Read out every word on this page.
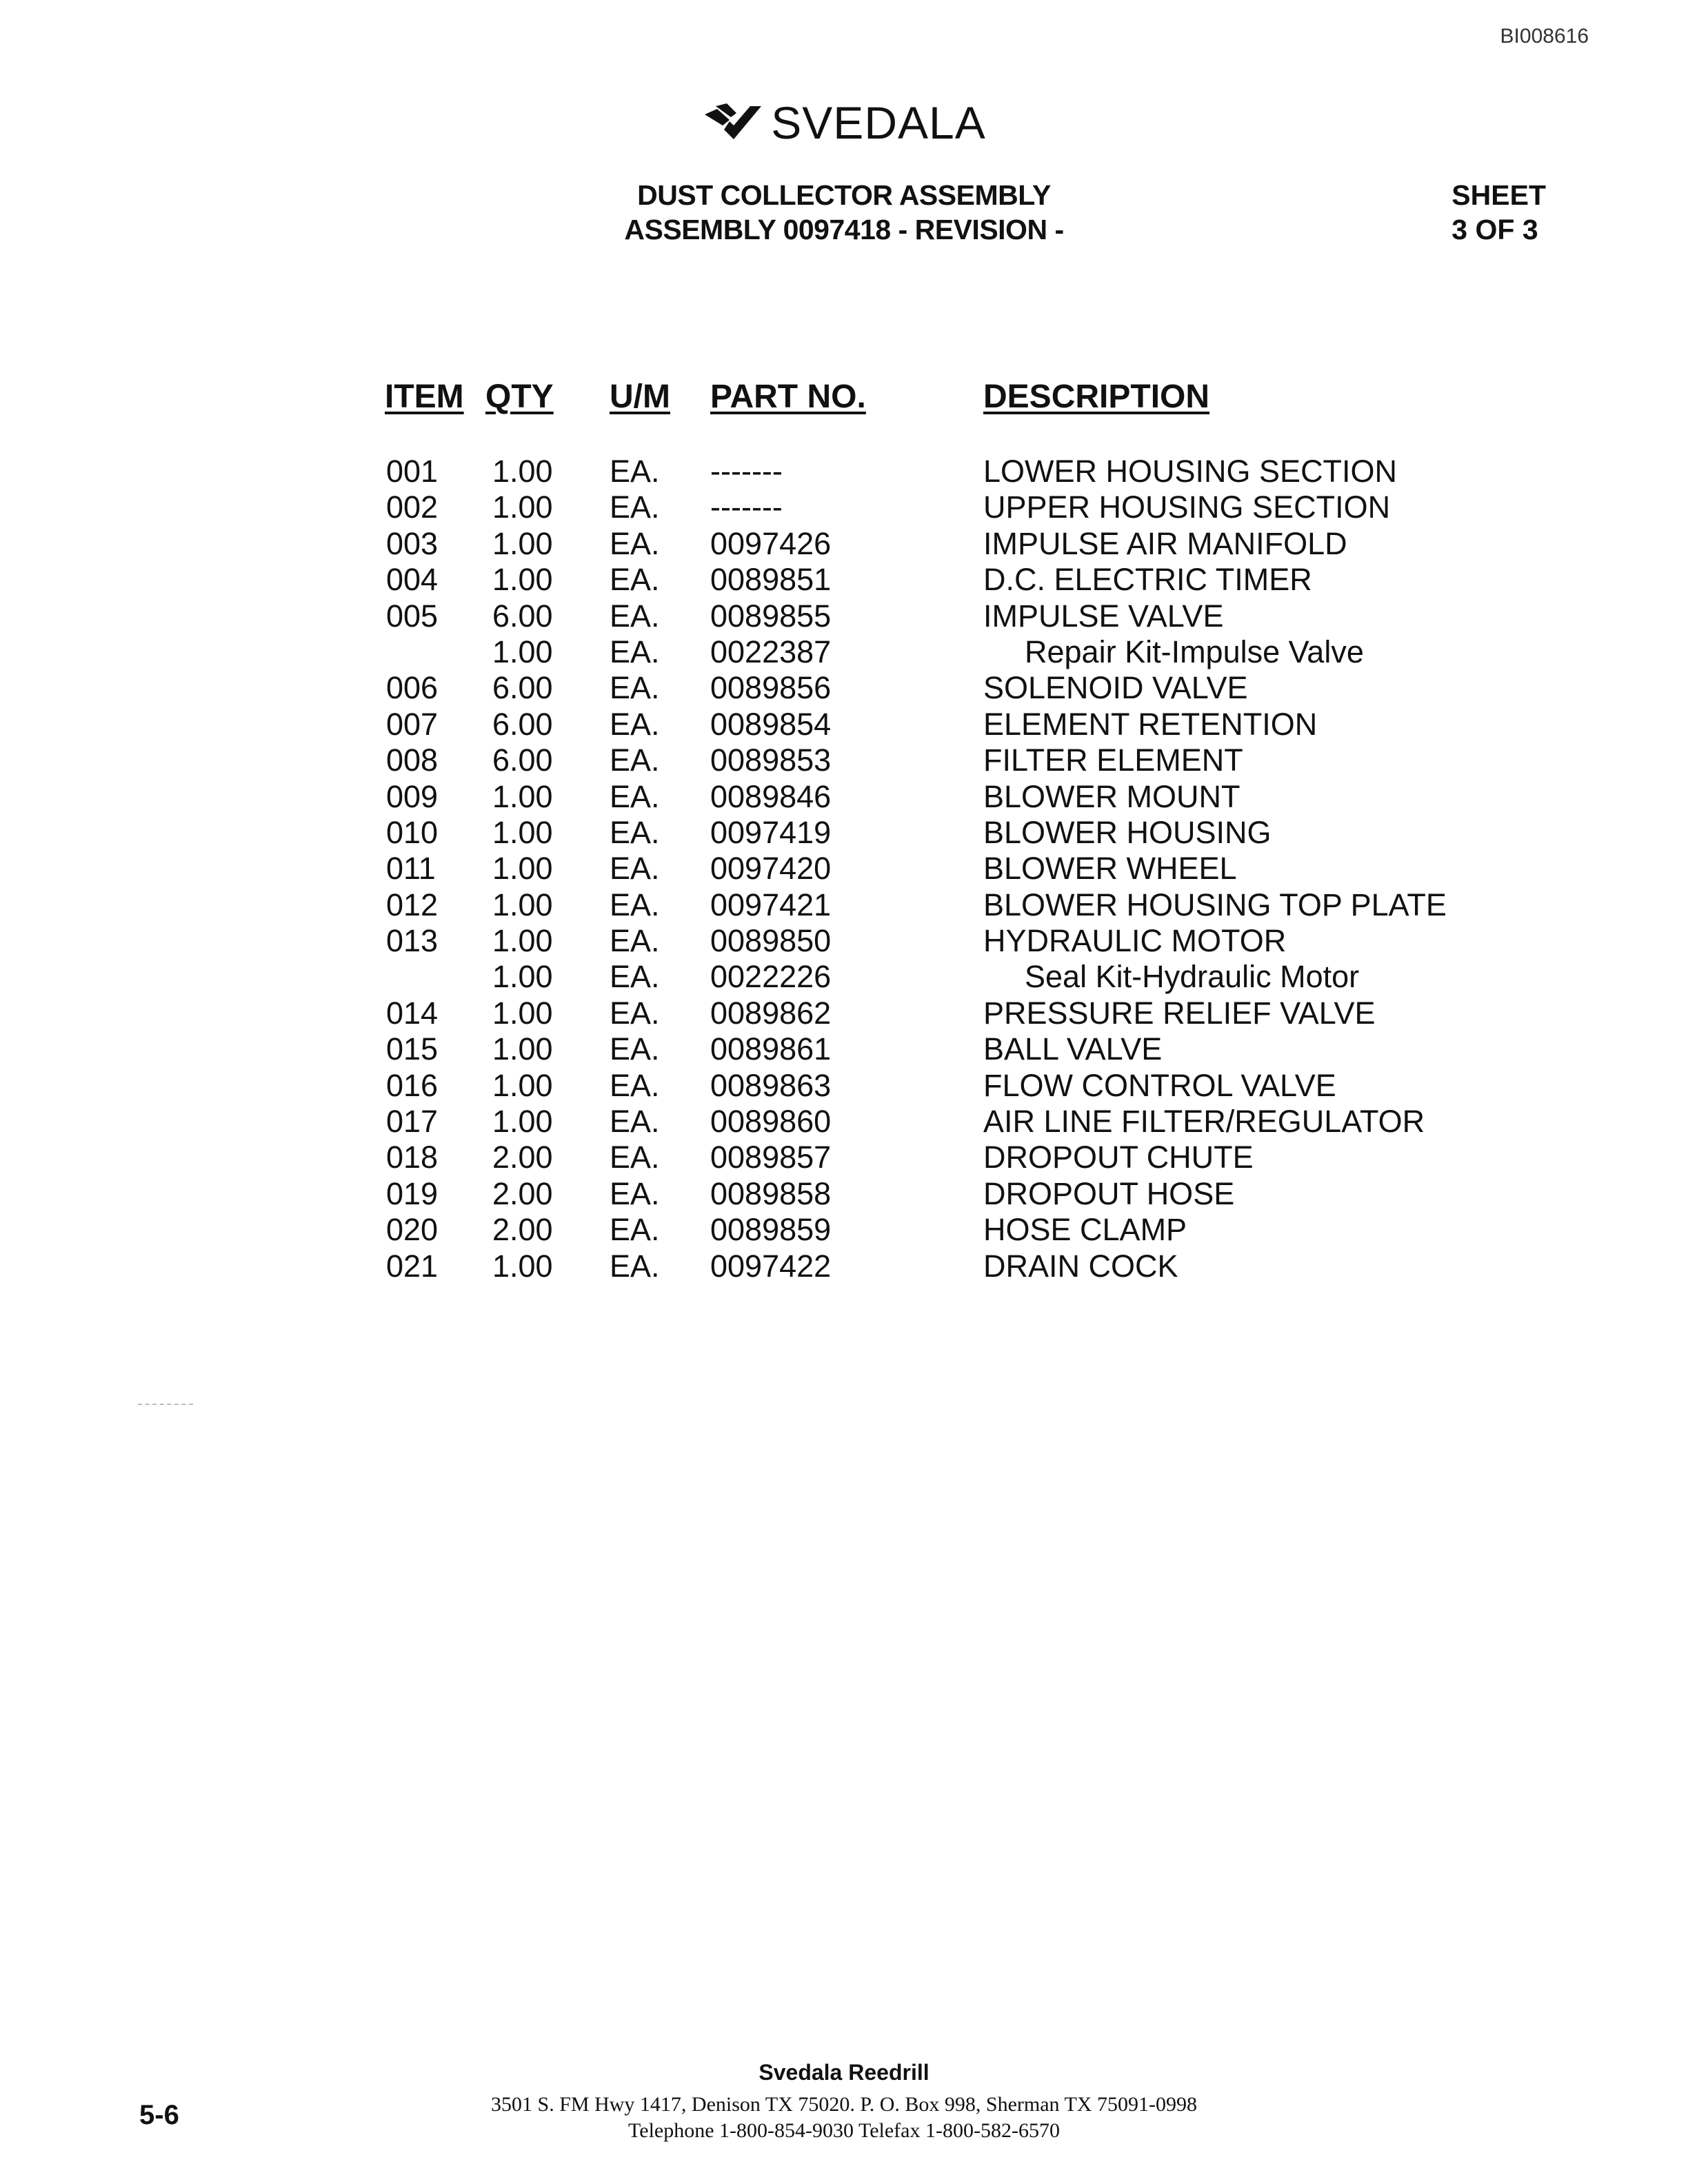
BI008616
SVEDALA
DUST COLLECTOR ASSEMBLY
ASSEMBLY 0097418 - REVISION -
SHEET
3 OF 3
ITEM QTY U/M PART NO.	DESCRIPTION
001 1.00 EA. -------	LOWER HOUSING SECTION
002 1.00 EA. -------	UPPER HOUSING SECTION
003 1.00 EA. 0097426	IMPULSE AIR MANIFOLD
004 1.00 EA. 0089851	D.C. ELECTRIC TIMER
005 6.00 EA. 0089855	IMPULSE VALVE
1.00 EA. 0022387	Repair Kit-Impulse Valve
006 6.00 EA. 0089856	SOLENOID VALVE
007 6.00 EA. 0089854	ELEMENT RETENTION
008 6.00 EA. 0089853	FILTER ELEMENT
009 1.00 EA. 0089846	BLOWER MOUNT
010 1.00 EA. 0097419	BLOWER HOUSING
011 1.00 EA. 0097420	BLOWER WHEEL
012 1.00 EA. 0097421	BLOWER HOUSING TOP PLATE
013 1.00 EA. 0089850	HYDRAULIC MOTOR
1.00 EA. 0022226	Seal Kit-Hydraulic Motor
014 1.00 EA. 0089862	PRESSURE RELIEF VALVE
015 1.00 EA. 0089861	BALL VALVE
016 1.00 EA. 0089863	FLOW CONTROL VALVE
017 1.00 EA. 0089860	AIR LINE FILTER/REGULATOR
018 2.00 EA. 0089857	DROPOUT CHUTE
019 2.00 EA. 0089858	DROPOUT HOSE
020 2.00 EA. 0089859	HOSE CLAMP
021 1.00 EA. 0097422	DRAIN COCK
Svedala Reedrill
3501 S. FM Hwy 1417, Denison TX 75020. P. O. Box 998, Sherman TX 75091-0998
Telephone 1-800-854-9030 Telefax 1-800-582-6570
5-6
